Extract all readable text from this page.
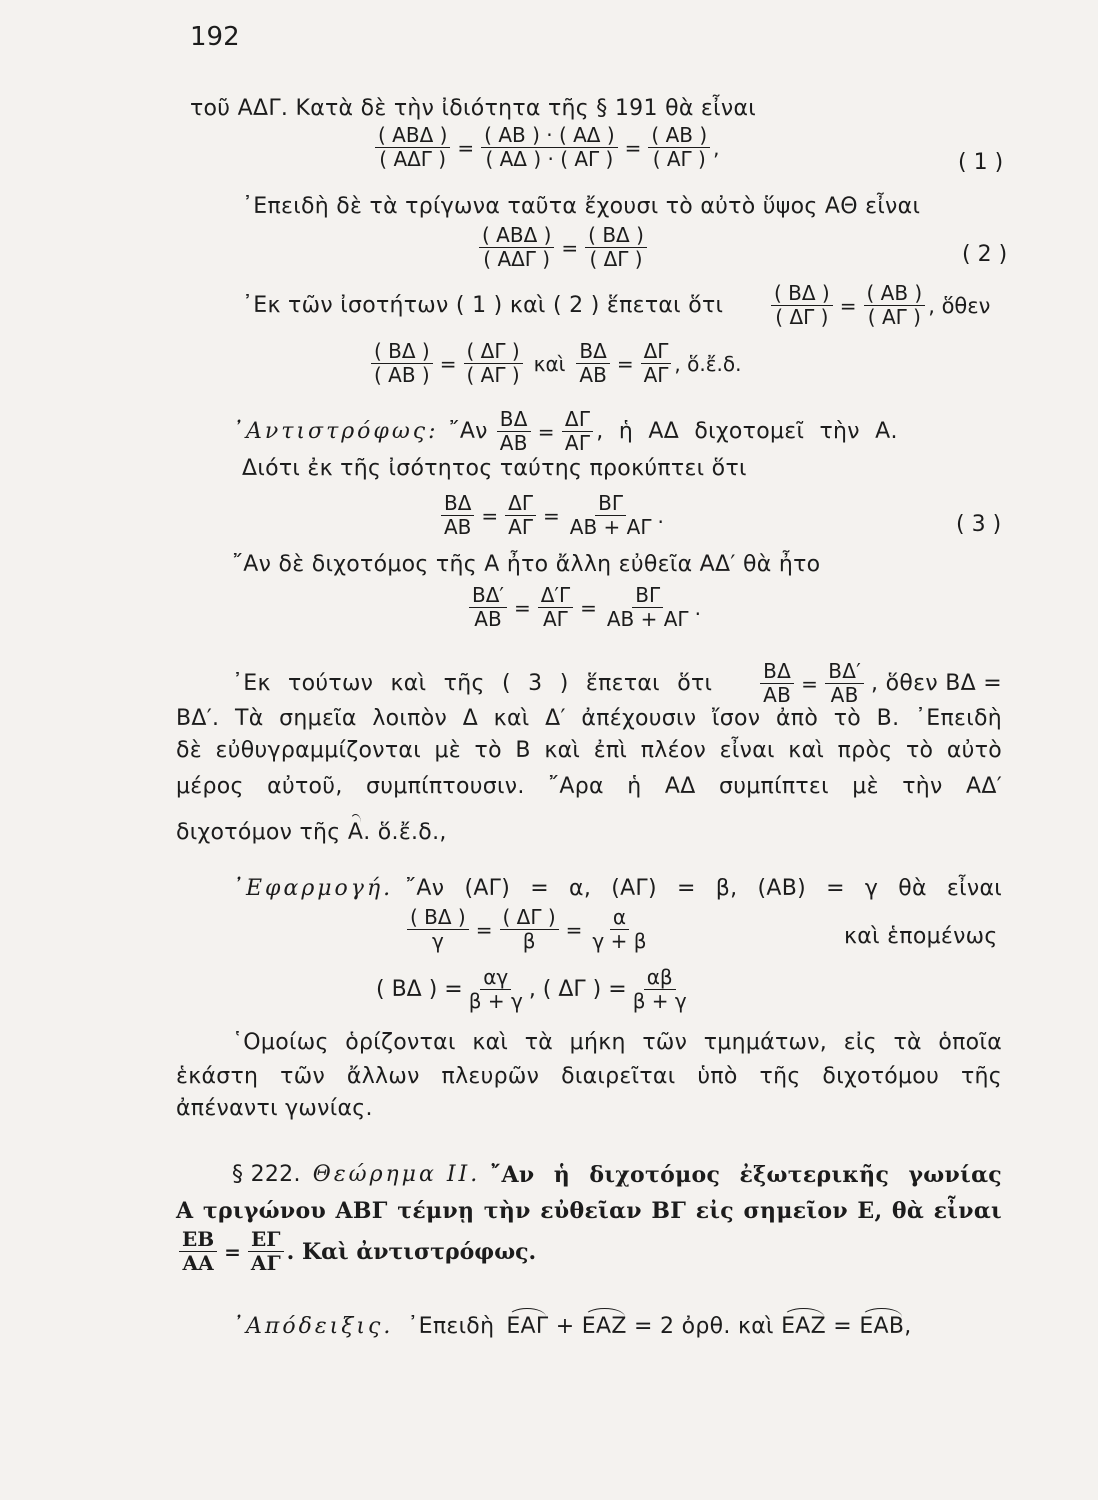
192
τοῦ ΑΔΓ. Κατὰ δὲ τὴν ἰδιότητα τῆς § 191 θὰ εἶναι
$\frac{\text{( ΑΒΔ )}}{\text{( ΑΔΓ )}} = \frac{( AB ) \cdot ( A\Delta )}{( A\Delta ) \cdot ( A\Gamma )} = \frac{( AB )}{( A\Gamma )}$ ,
( 1 )
᾿Επειδὴ δὲ τὰ τρίγωνα ταῦτα ἔχουσι τὸ αὐτὸ ὕψος ΑΘ εἶναι
$\frac{\text{( ΑΒΔ )}}{\text{( ΑΔΓ )}} = \frac{( B\Delta )}{( \Delta\Gamma )}$	( 2 )
᾿Εκ τῶν ἰσοτήτων ( 1 ) καὶ ( 2 ) ἕπεται ὅτι $\frac{( B\Delta )}{( \Delta\Gamma )} = \frac{( AB )}{( A\Gamma )}$ , ὅθεν
$\frac{( B\Delta )}{( AB )} = \frac{( \Delta\Gamma )}{( A\Gamma )}$ καὶ $\frac{B\Delta}{AB} = \frac{\Delta\Gamma}{A\Gamma}$ , ὅ.ἔ.δ.
᾿Αντιστρόφως: ῎Αν $\frac{B\Delta}{AB} = \frac{\Delta\Gamma}{A\Gamma}$ , ἡ ΑΔ διχοτομεῖ τὴν Α.
Διότι ἐκ τῆς ἰσότητος ταύτης προκύπτει ὅτι
$\frac{B\Delta}{AB} = \frac{\Delta\Gamma}{A\Gamma} = \frac{B\Gamma}{AB + A\Gamma}$ .	( 3 )
῎Αν δὲ διχοτόμος τῆς Α ἦτο ἄλλη εὐθεῖα ΑΔ′ θὰ ἦτο
$\frac{B\Delta'}{AB} = \frac{\Delta'\Gamma}{A\Gamma} = \frac{B\Gamma}{AB + A\Gamma}$ .
᾿Εκ τούτων καὶ τῆς ( 3 ) ἕπεται ὅτι	$\frac{B\Delta}{AB} = \frac{B\Delta'}{AB}$ , ὅθεν ΒΔ =
ΒΔ′. Τὰ σημεῖα λοιπὸν Δ καὶ Δ′ ἀπέχουσιν ἴσον ἀπὸ τὸ Β. ᾿Επειδὴ
δὲ εὐθυγραμμίζονται μὲ τὸ Β καὶ ἐπὶ πλέον εἶναι καὶ πρὸς τὸ αὐτὸ
μέρος αὐτοῦ, συμπίπτουσιν. ῎Αρα ἡ ΑΔ συμπίπτει μὲ τὴν ΑΔ′
διχοτόμον τῆς Α. ὅ.ἔ.δ.,
᾿Εφαρμογή. ῎Αν (ΑΓ) = α, (ΑΓ) = β, (ΑΒ) = γ θὰ εἶναι
$\frac{( B\Delta )}{\gamma} = \frac{( \Delta\Gamma )}{\beta} = \frac{\alpha}{\gamma + \beta}$	καὶ ἑπομένως
( ΒΔ ) = $\frac{\alpha\gamma}{\beta + \gamma}$ , ( ΔΓ ) = $\frac{\alpha\beta}{\beta + \gamma}$
῾Ομοίως ὁρίζονται καὶ τὰ μήκη τῶν τμημάτων, εἰς τὰ ὁποῖα
ἑκάστη τῶν ἄλλων πλευρῶν διαιρεῖται ὑπὸ τῆς διχοτόμου τῆς
ἀπέναντι γωνίας.
§ 222. Θεώρημα ΙΙ. ῎Αν ἡ διχοτόμος ἐξωτερικῆς γωνίας
Α τριγώνου ΑΒΓ τέμνῃ τὴν εὐθεῖαν ΒΓ εἰς σημεῖον Ε, θὰ εἶναι
$\frac{EB}{AA} = \frac{E\Gamma}{A\Gamma}$ . Καὶ ἀντιστρόφως.
᾿Απόδειξις. ᾿Επειδὴ ΕΑΓ + ΕΑΖ = 2 ὀρθ. καὶ ΕΑΖ = ΕΑΒ ,
